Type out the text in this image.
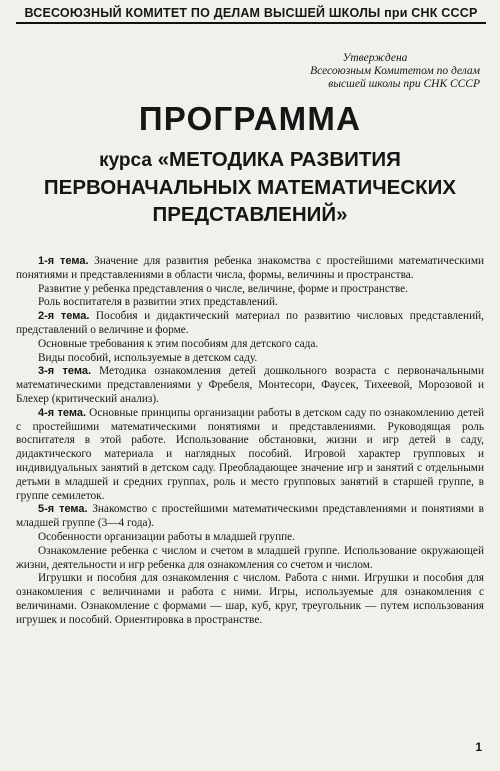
ВСЕСОЮЗНЫЙ КОМИТЕТ ПО ДЕЛАМ ВЫСШЕЙ ШКОЛЫ при СНК СССР
Утверждена
Всесоюзным Комитетом по делам
высшей школы при СНК СССР
ПРОГРАММА
курса «МЕТОДИКА РАЗВИТИЯ
ПЕРВОНАЧАЛЬНЫХ МАТЕМАТИЧЕСКИХ
ПРЕДСТАВЛЕНИЙ»

1-я тема. Значение для развития ребенка знакомства с простейшими математическими понятиями и представлениями в области числа, формы, величины и пространства.

Развитие у ребенка представления о числе, величине, форме и пространстве.

Роль воспитателя в развитии этих представлений.

2-я тема. Пособия и дидактический материал по развитию числовых представлений, представлений о величине и форме.

Основные требования к этим пособиям для детского сада.

Виды пособий, используемые в детском саду.

3-я тема. Методика ознакомления детей дошкольного возраста с первоначальными математическими представлениями у Фребеля, Монтесори, Фаусек, Тихеевой, Морозовой и Блехер (критический анализ).

4-я тема. Основные принципы организации работы в детском саду по ознакомлению детей с простейшими математическими понятиями и представлениями. Руководящая роль воспитателя в этой работе. Использование обстановки, жизни и игр детей в саду, дидактического материала и наглядных пособий. Игровой характер групповых и индивидуальных занятий в детском саду. Преобладающее значение игр и занятий с отдельными детьми в младшей и средних группах, роль и место групповых занятий в старшей группе, в группе семилеток.

5-я тема. Знакомство с простейшими математическими представлениями и понятиями в младшей группе (3—4 года).

Особенности организации работы в младшей группе.

Ознакомление ребенка с числом и счетом в младшей группе. Использование окружающей жизни, деятельности и игр ребенка для ознакомления со счетом и числом.

Игрушки и пособия для ознакомления с числом. Работа с ними. Игрушки и пособия для ознакомления с величинами и работа с ними. Игры, используемые для ознакомления с величинами. Ознакомление с формами — шар, куб, круг, треугольник — путем использования игрушек и пособий. Ориентировка в пространстве.

1
